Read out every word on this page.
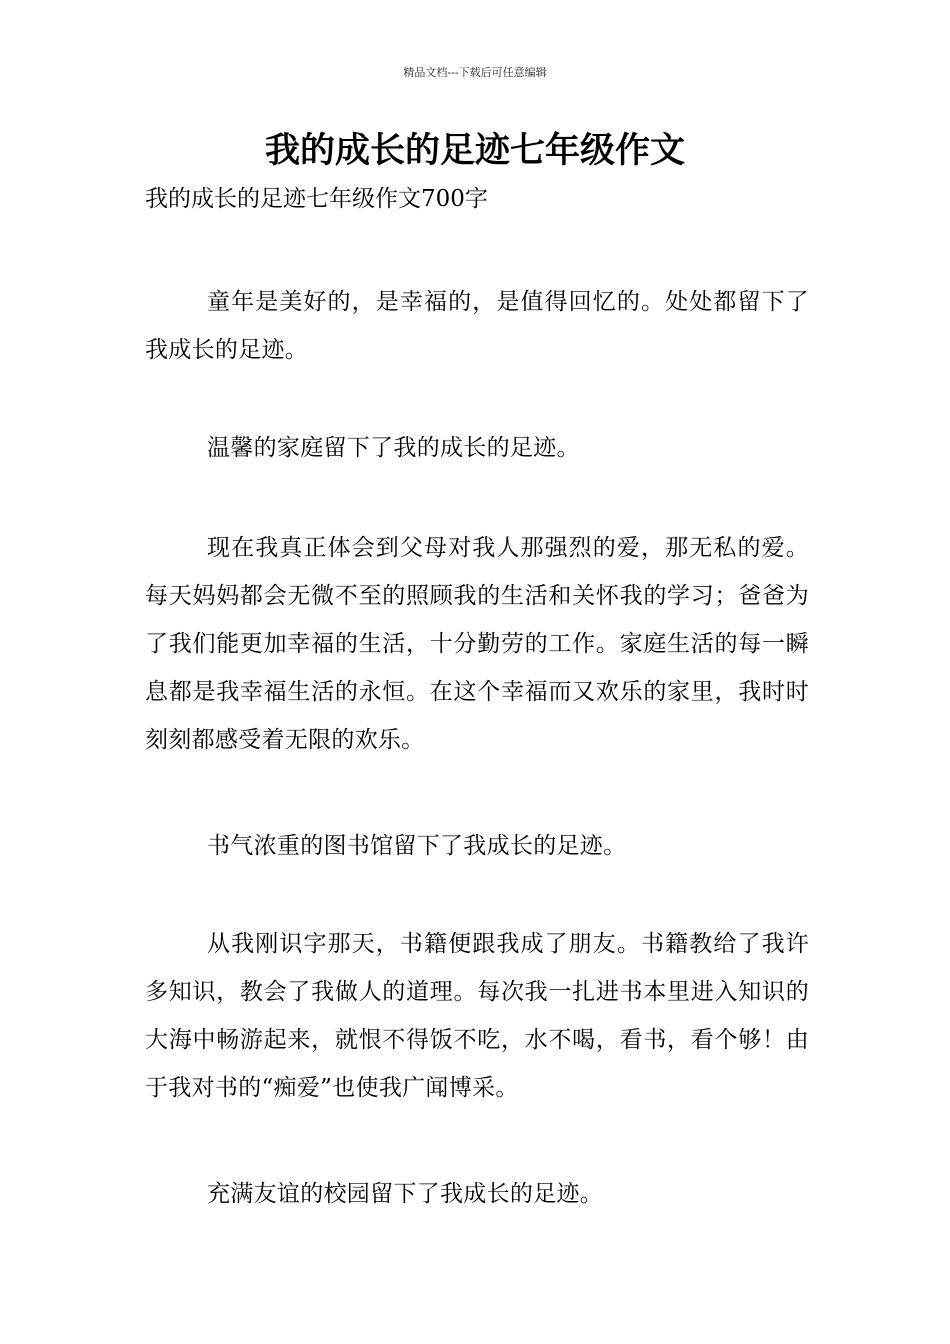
精品文档---下载后可任意编辑
我的成长的足迹七年级作文

我的成长的足迹七年级作文700字

童年是美好的，是幸福的，是值得回忆的。处处都留下了我成长的足迹。

温馨的家庭留下了我的成长的足迹。

现在我真正体会到父母对我人那强烈的爱，那无私的爱。每天妈妈都会无微不至的照顾我的生活和关怀我的学习；爸爸为了我们能更加幸福的生活，十分勤劳的工作。家庭生活的每一瞬息都是我幸福生活的永恒。在这个幸福而又欢乐的家里，我时时刻刻都感受着无限的欢乐。

书气浓重的图书馆留下了我成长的足迹。

从我刚识字那天，书籍便跟我成了朋友。书籍教给了我许多知识，教会了我做人的道理。每次我一扎进书本里进入知识的大海中畅游起来，就恨不得饭不吃，水不喝，看书，看个够！由于我对书的“痴爱”也使我广闻博采。

充满友谊的校园留下了我成长的足迹。
